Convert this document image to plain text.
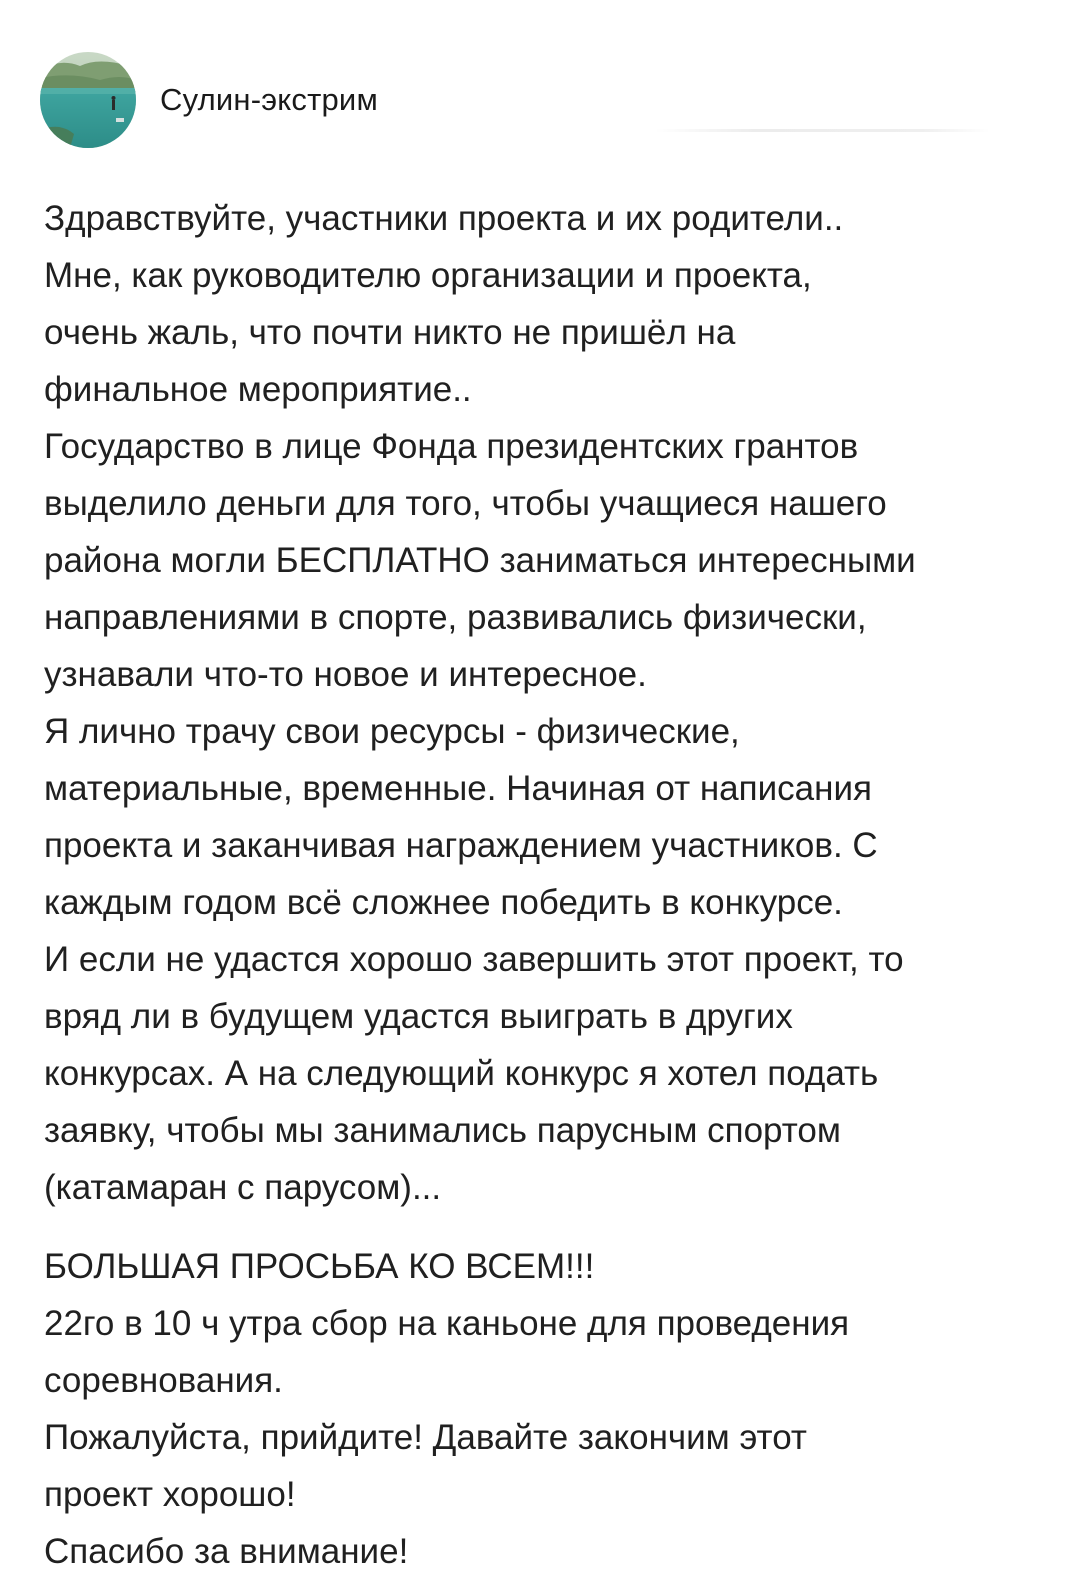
Сулин-экстрим
Здравствуйте, участники проекта и их родители..
Мне, как руководителю организации и проекта,
очень жаль, что почти никто не пришёл на
финальное мероприятие..
Государство в лице Фонда президентских грантов
выделило деньги для того, чтобы учащиеся нашего
района могли БЕСПЛАТНО заниматься интересными
направлениями в спорте, развивались физически,
узнавали что-то новое и интересное.
Я лично трачу свои ресурсы - физические,
материальные, временные. Начиная от написания
проекта и заканчивая награждением участников. С
каждым годом всё сложнее победить в конкурсе.
И если не удастся хорошо завершить этот проект, то
вряд ли в будущем удастся выиграть в других
конкурсах. А на следующий конкурс я хотел подать
заявку, чтобы мы занимались парусным спортом
(катамаран с парусом)...
БОЛЬШАЯ ПРОСЬБА КО ВСЕМ!!!
22го в 10 ч утра сбор на каньоне для проведения
соревнования.
Пожалуйста, прийдите! Давайте закончим этот
проект хорошо!
Спасибо за внимание!
